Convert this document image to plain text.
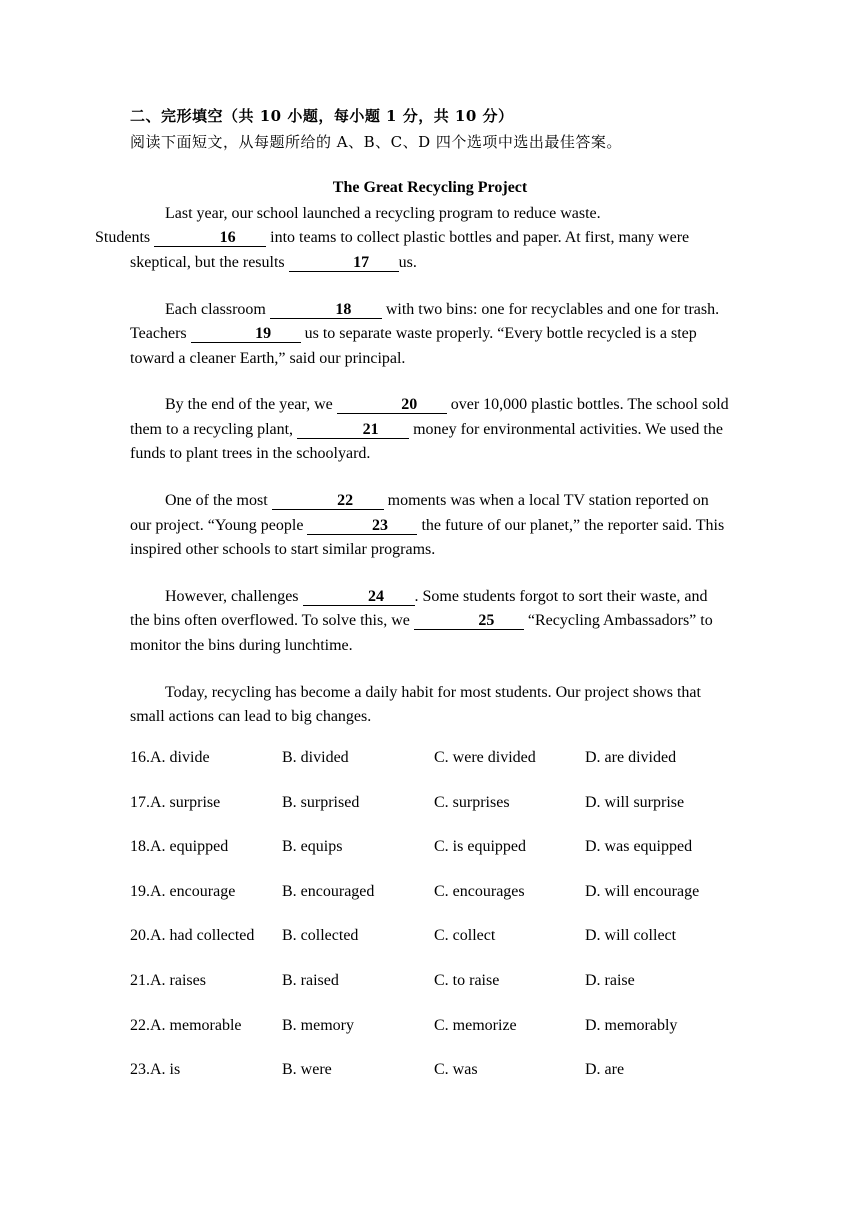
二、完形填空（共 10 小题，每小题 1 分，共 10 分）
阅读下面短文，从每题所给的 A、B、C、D 四个选项中选出最佳答案。
The Great Recycling Project

Last year, our school launched a recycling program to reduce waste.
Students	16 into teams to collect plastic bottles and paper. At first, many were skeptical, but the results	17 us.

Each classroom	18 with two bins: one for recyclables and one for trash. Teachers	19 us to separate waste properly. “Every bottle recycled is a step toward a cleaner Earth,” said our principal.

By the end of the year, we	20 over 10,000 plastic bottles. The school sold them to a recycling plant,	21 money for environmental activities. We used the funds to plant trees in the schoolyard.

One of the most	22 moments was when a local TV station reported on our project. “Young people	23 the future of our planet,” the reporter said. This inspired other schools to start similar programs.

However, challenges	24 . Some students forgot to sort their waste, and the bins often overflowed. To solve this, we	25 “Recycling Ambassadors” to monitor the bins during lunchtime.

Today, recycling has become a daily habit for most students. Our project shows that small actions can lead to big changes.

16.A. divide	B. divided	C. were divided	D. are divided
17.A. surprise	B. surprised	C. surprises	D. will surprise
18.A. equipped	B. equips	C. is equipped	D. was equipped
19.A. encourage	B. encouraged	C. encourages	D. will encourage
20.A. had collected B. collected	C. collect	D. will collect
21.A. raises	B. raised	C. to raise	D. raise
22.A. memorable	B. memory	C. memorize	D. memorably
23.A. is	B. were	C. was	D. are
